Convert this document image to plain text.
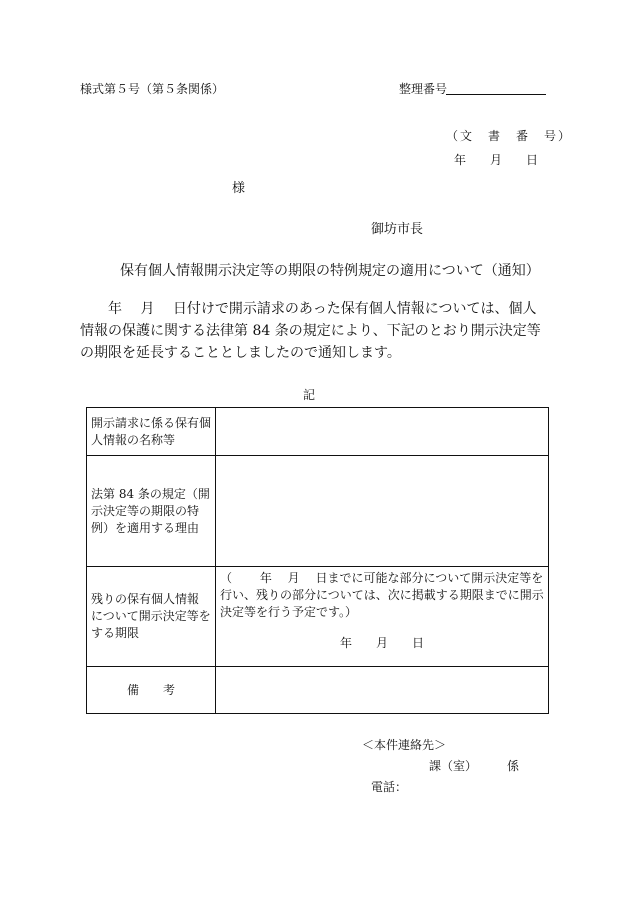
様式第５号（第５条関係）	整理番号
（文　書　番　号）
年　　月　　日
様
御坊市長
保有個人情報開示決定等の期限の特例規定の適用について（通知）
　　年　 月　 日付けで開示請求のあった保有個人情報については、個人情報の保護に関する法律第 84 条の規定により、下記のとおり開示決定等の期限を延長することとしましたので通知します。
記
開示請求に係る保有個人情報の名称等	
法第 84 条の規定（開示決定等の期限の特例）を適用する理由	
残りの保有個人情報について開示決定等をする期限	（　　 年　 月　 日までに可能な部分について開示決定等を行い、残りの部分については、次に掲載する期限までに開示決定等を行う予定です。）
年　　月　　日

備　　考	
＜本件連絡先＞
課（室）　　　係
電話：
